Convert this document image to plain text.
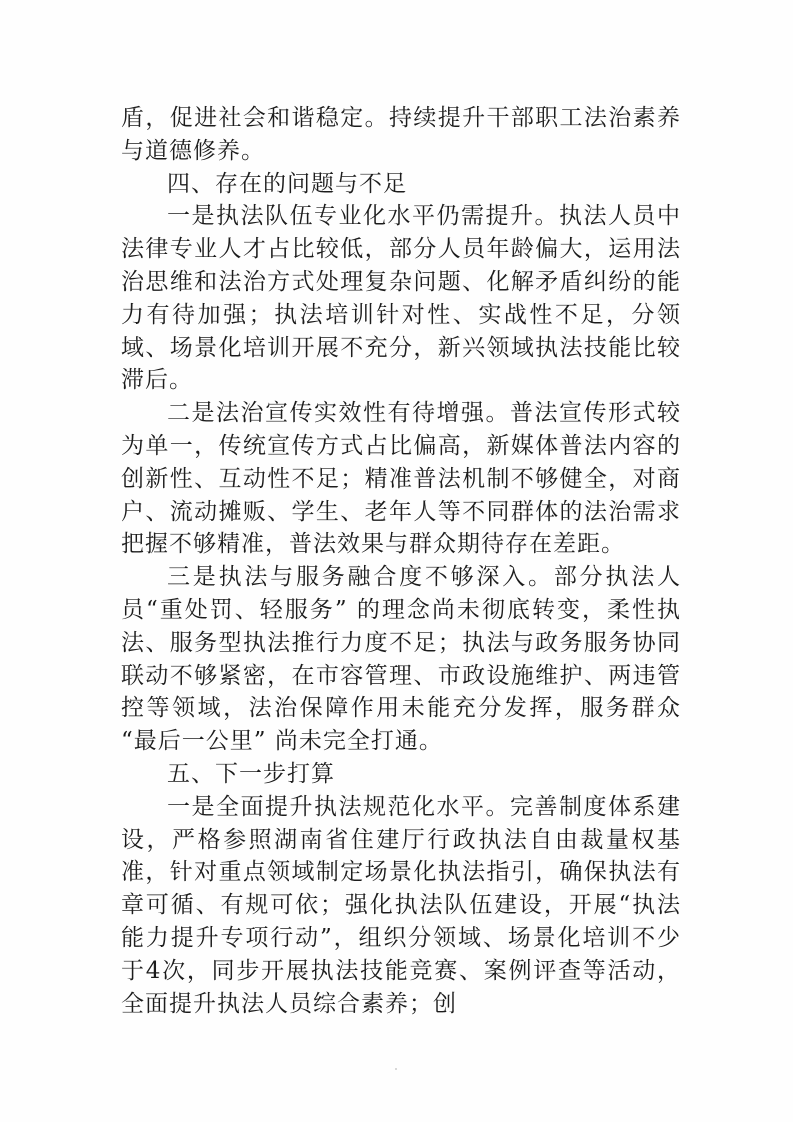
盾，促进社会和谐稳定。持续提升干部职工法治素养与道德修养。

四、存在的问题与不足

一是执法队伍专业化水平仍需提升。执法人员中法律专业人才占比较低，部分人员年龄偏大，运用法治思维和法治方式处理复杂问题、化解矛盾纠纷的能力有待加强；执法培训针对性、实战性不足，分领域、场景化培训开展不充分，新兴领域执法技能比较滞后。

二是法治宣传实效性有待增强。普法宣传形式较为单一，传统宣传方式占比偏高，新媒体普法内容的创新性、互动性不足；精准普法机制不够健全，对商户、流动摊贩、学生、老年人等不同群体的法治需求把握不够精准，普法效果与群众期待存在差距。

三是执法与服务融合度不够深入。部分执法人员“重处罚、轻服务” 的理念尚未彻底转变，柔性执法、服务型执法推行力度不足；执法与政务服务协同联动不够紧密，在市容管理、市政设施维护、两违管控等领域，法治保障作用未能充分发挥，服务群众 “最后一公里” 尚未完全打通。

五、下一步打算

一是全面提升执法规范化水平。完善制度体系建设，严格参照湖南省住建厅行政执法自由裁量权基准，针对重点领域制定场景化执法指引，确保执法有章可循、有规可依；强化执法队伍建设，开展“执法能力提升专项行动”，组织分领域、场景化培训不少于4次，同步开展执法技能竞赛、案例评查等活动，全面提升执法人员综合素养；创
